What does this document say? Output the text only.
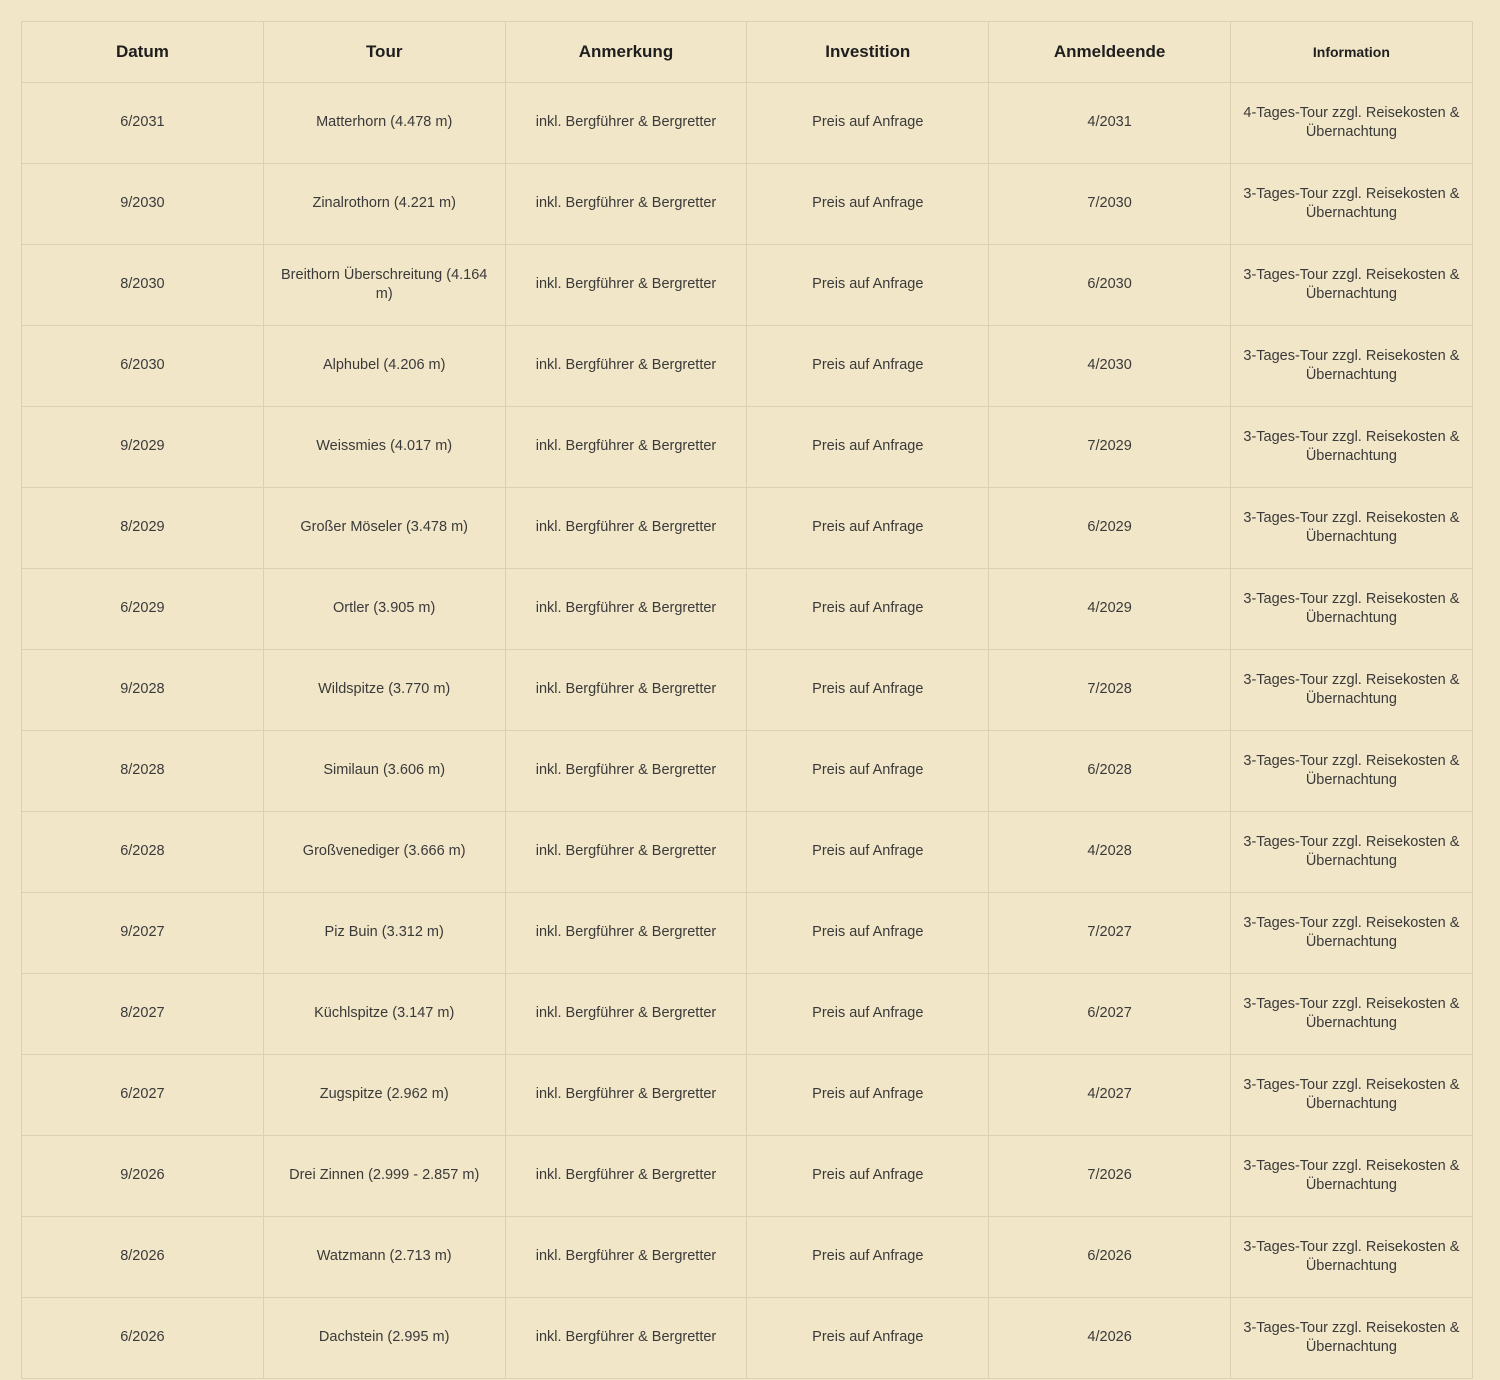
Datum	Tour	Anmerkung	Investition	Anmeldeende	Information
6/2031	Matterhorn (4.478 m)	inkl. Bergführer & Bergretter	Preis auf Anfrage	4/2031	4-Tages-Tour zzgl. Reisekosten & Übernachtung
9/2030	Zinalrothorn (4.221 m)	inkl. Bergführer & Bergretter	Preis auf Anfrage	7/2030	3-Tages-Tour zzgl. Reisekosten & Übernachtung
8/2030	Breithorn Überschreitung (4.164 m)	inkl. Bergführer & Bergretter	Preis auf Anfrage	6/2030	3-Tages-Tour zzgl. Reisekosten & Übernachtung
6/2030	Alphubel (4.206 m)	inkl. Bergführer & Bergretter	Preis auf Anfrage	4/2030	3-Tages-Tour zzgl. Reisekosten & Übernachtung
9/2029	Weissmies (4.017 m)	inkl. Bergführer & Bergretter	Preis auf Anfrage	7/2029	3-Tages-Tour zzgl. Reisekosten & Übernachtung
8/2029	Großer Möseler (3.478 m)	inkl. Bergführer & Bergretter	Preis auf Anfrage	6/2029	3-Tages-Tour zzgl. Reisekosten & Übernachtung
6/2029	Ortler (3.905 m)	inkl. Bergführer & Bergretter	Preis auf Anfrage	4/2029	3-Tages-Tour zzgl. Reisekosten & Übernachtung
9/2028	Wildspitze (3.770 m)	inkl. Bergführer & Bergretter	Preis auf Anfrage	7/2028	3-Tages-Tour zzgl. Reisekosten & Übernachtung
8/2028	Similaun (3.606 m)	inkl. Bergführer & Bergretter	Preis auf Anfrage	6/2028	3-Tages-Tour zzgl. Reisekosten & Übernachtung
6/2028	Großvenediger (3.666 m)	inkl. Bergführer & Bergretter	Preis auf Anfrage	4/2028	3-Tages-Tour zzgl. Reisekosten & Übernachtung
9/2027	Piz Buin (3.312 m)	inkl. Bergführer & Bergretter	Preis auf Anfrage	7/2027	3-Tages-Tour zzgl. Reisekosten & Übernachtung
8/2027	Küchlspitze (3.147 m)	inkl. Bergführer & Bergretter	Preis auf Anfrage	6/2027	3-Tages-Tour zzgl. Reisekosten & Übernachtung
6/2027	Zugspitze (2.962 m)	inkl. Bergführer & Bergretter	Preis auf Anfrage	4/2027	3-Tages-Tour zzgl. Reisekosten & Übernachtung
9/2026	Drei Zinnen (2.999 - 2.857 m)	inkl. Bergführer & Bergretter	Preis auf Anfrage	7/2026	3-Tages-Tour zzgl. Reisekosten & Übernachtung
8/2026	Watzmann (2.713 m)	inkl. Bergführer & Bergretter	Preis auf Anfrage	6/2026	3-Tages-Tour zzgl. Reisekosten & Übernachtung
6/2026	Dachstein (2.995 m)	inkl. Bergführer & Bergretter	Preis auf Anfrage	4/2026	3-Tages-Tour zzgl. Reisekosten & Übernachtung
